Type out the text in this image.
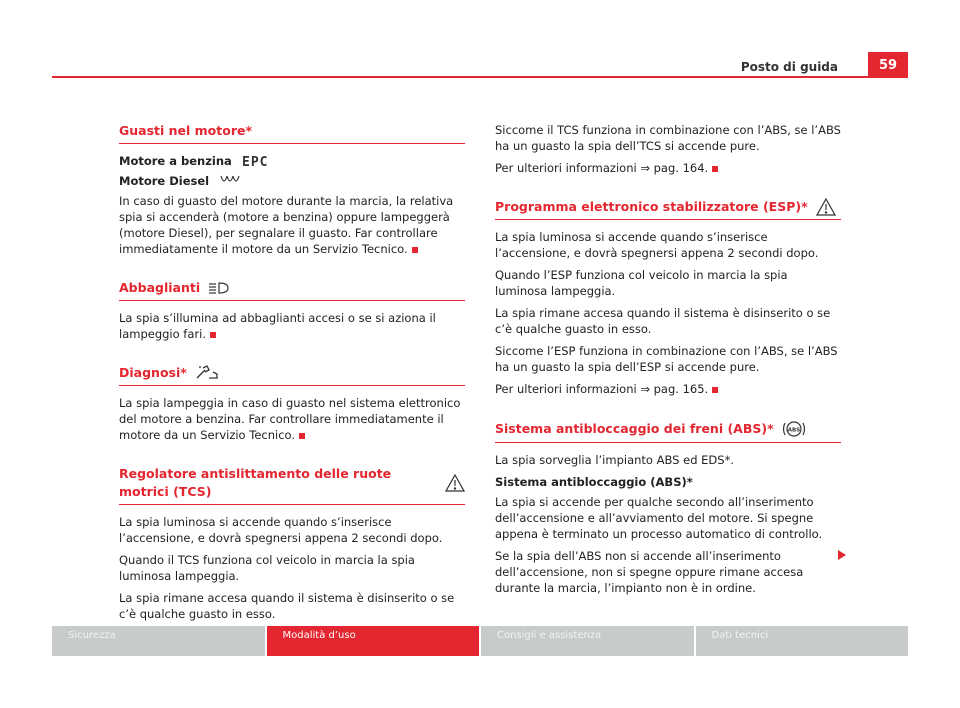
Posto di guida	59
Guasti nel motore*
Motore a benzina EPC
Motore Diesel

In caso di guasto del motore durante la marcia, la relativa spia si accenderà (motore a benzina) oppure lampeggerà (motore Diesel), per segnalare il guasto. Far controllare immediatamente il motore da un Servizio Tecnico.

Abbaglianti

La spia s’illumina ad abbaglianti accesi o se si aziona il lampeggio fari.

Diagnosi*

La spia lampeggia in caso di guasto nel sistema elettronico del motore a benzina. Far controllare immediatamente il motore da un Servizio Tecnico.

Regolatore antislittamento delle ruote motrici (TCS)

La spia luminosa si accende quando s’inserisce l’accensione, e dovrà spegnersi appena 2 secondi dopo.

Quando il TCS funziona col veicolo in marcia la spia luminosa lampeggia.

La spia rimane accesa quando il sistema è disinserito o se c’è qualche guasto in esso.

Siccome il TCS funziona in combinazione con l’ABS, se l’ABS ha un guasto la spia dell’TCS si accende pure.

Per ulteriori informazioni ⇒ pag. 164.

Programma elettronico stabilizzatore (ESP)*

La spia luminosa si accende quando s’inserisce l’accensione, e dovrà spegnersi appena 2 secondi dopo.

Quando l’ESP funziona col veicolo in marcia la spia luminosa lampeggia.

La spia rimane accesa quando il sistema è disinserito o se c’è qualche guasto in esso.

Siccome l’ESP funziona in combinazione con l’ABS, se l’ABS ha un guasto la spia dell’ESP si accende pure.

Per ulteriori informazioni ⇒ pag. 165.

Sistema antibloccaggio dei freni (ABS)*	ABS

La spia sorveglia l’impianto ABS ed EDS*.

Sistema antibloccaggio (ABS)*

La spia si accende per qualche secondo all’inserimento dell’accensione e all’avviamento del motore. Si spegne appena è terminato un processo automatico di controllo.

Se la spia dell’ABS non si accende all’inserimento dell’accensione, non si spegne oppure rimane accesa durante la marcia, l’impianto non è in ordine.

Sicurezza	Modalità d’uso	Consigli e assistenza	Dati tecnici
